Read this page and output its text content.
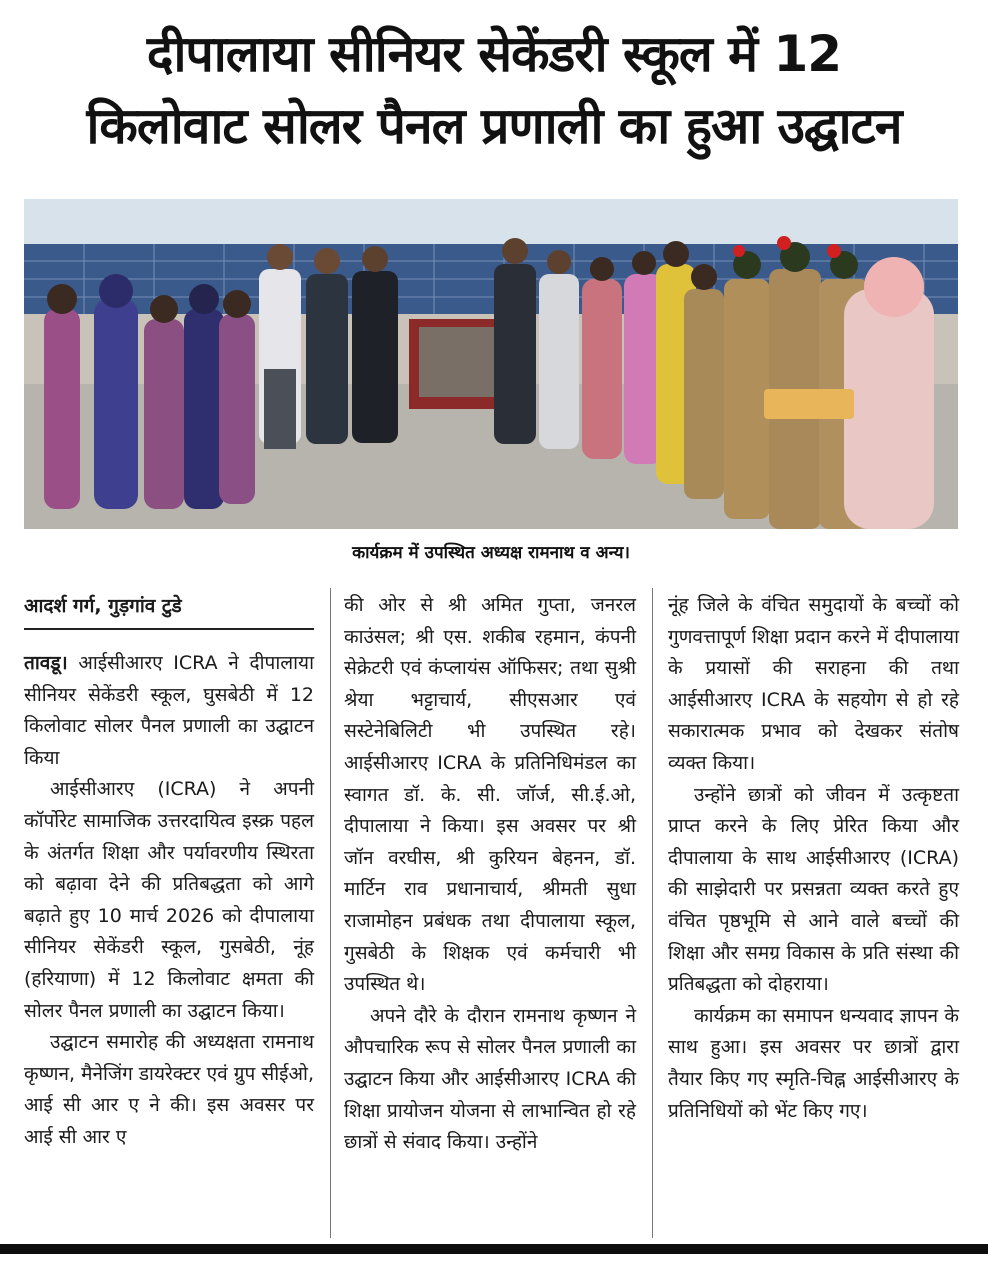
दीपालाया सीनियर सेकेंडरी स्कूल में 12
किलोवाट सोलर पैनल प्रणाली का हुआ उद्घाटन
कार्यक्रम में उपस्थित अध्यक्ष रामनाथ व अन्य।

आदर्श गर्ग, गुड़गांव टुडे

तावडू। आईसीआरए ICRA ने दीपालाया सीनियर सेकेंडरी स्कूल, घुसबेठी में 12 किलोवाट सोलर पैनल प्रणाली का उद्घाटन किया

आईसीआरए (ICRA) ने अपनी कॉर्पोरेट सामाजिक उत्तरदायित्व इस्क्र पहल के अंतर्गत शिक्षा और पर्यावरणीय स्थिरता को बढ़ावा देने की प्रतिबद्धता को आगे बढ़ाते हुए 10 मार्च 2026 को दीपालाया सीनियर सेकेंडरी स्कूल, गुसबेठी, नूंह (हरियाणा) में 12 किलोवाट क्षमता की सोलर पैनल प्रणाली का उद्घाटन किया।

उद्घाटन समारोह की अध्यक्षता रामनाथ कृष्णन, मैनेजिंग डायरेक्टर एवं ग्रुप सीईओ, आई सी आर ए ने की। इस अवसर पर आई सी आर ए

की ओर से श्री अमित गुप्ता, जनरल काउंसल; श्री एस. शकीब रहमान, कंपनी सेक्रेटरी एवं कंप्लायंस ऑफिसर; तथा सुश्री श्रेया भट्टाचार्य, सीएसआर एवं सस्टेनेबिलिटी भी उपस्थित रहे। आईसीआरए ICRA के प्रतिनिधिमंडल का स्वागत डॉ. के. सी. जॉर्ज, सी.ई.ओ, दीपालाया ने किया। इस अवसर पर श्री जॉन वरघीस, श्री कुरियन बेहनन, डॉ. मार्टिन राव प्रधानाचार्य, श्रीमती सुधा राजामोहन प्रबंधक तथा दीपालाया स्कूल, गुसबेठी के शिक्षक एवं कर्मचारी भी उपस्थित थे।

अपने दौरे के दौरान रामनाथ कृष्णन ने औपचारिक रूप से सोलर पैनल प्रणाली का उद्घाटन किया और आईसीआरए ICRA की शिक्षा प्रायोजन योजना से लाभान्वित हो रहे छात्रों से संवाद किया। उन्होंने

नूंह जिले के वंचित समुदायों के बच्चों को गुणवत्तापूर्ण शिक्षा प्रदान करने में दीपालाया के प्रयासों की सराहना की तथा आईसीआरए ICRA के सहयोग से हो रहे सकारात्मक प्रभाव को देखकर संतोष व्यक्त किया।

उन्होंने छात्रों को जीवन में उत्कृष्टता प्राप्त करने के लिए प्रेरित किया और दीपालाया के साथ आईसीआरए (ICRA) की साझेदारी पर प्रसन्नता व्यक्त करते हुए वंचित पृष्ठभूमि से आने वाले बच्चों की शिक्षा और समग्र विकास के प्रति संस्था की प्रतिबद्धता को दोहराया।

कार्यक्रम का समापन धन्यवाद ज्ञापन के साथ हुआ। इस अवसर पर छात्रों द्वारा तैयार किए गए स्मृति-चिह्न आईसीआरए के प्रतिनिधियों को भेंट किए गए।
